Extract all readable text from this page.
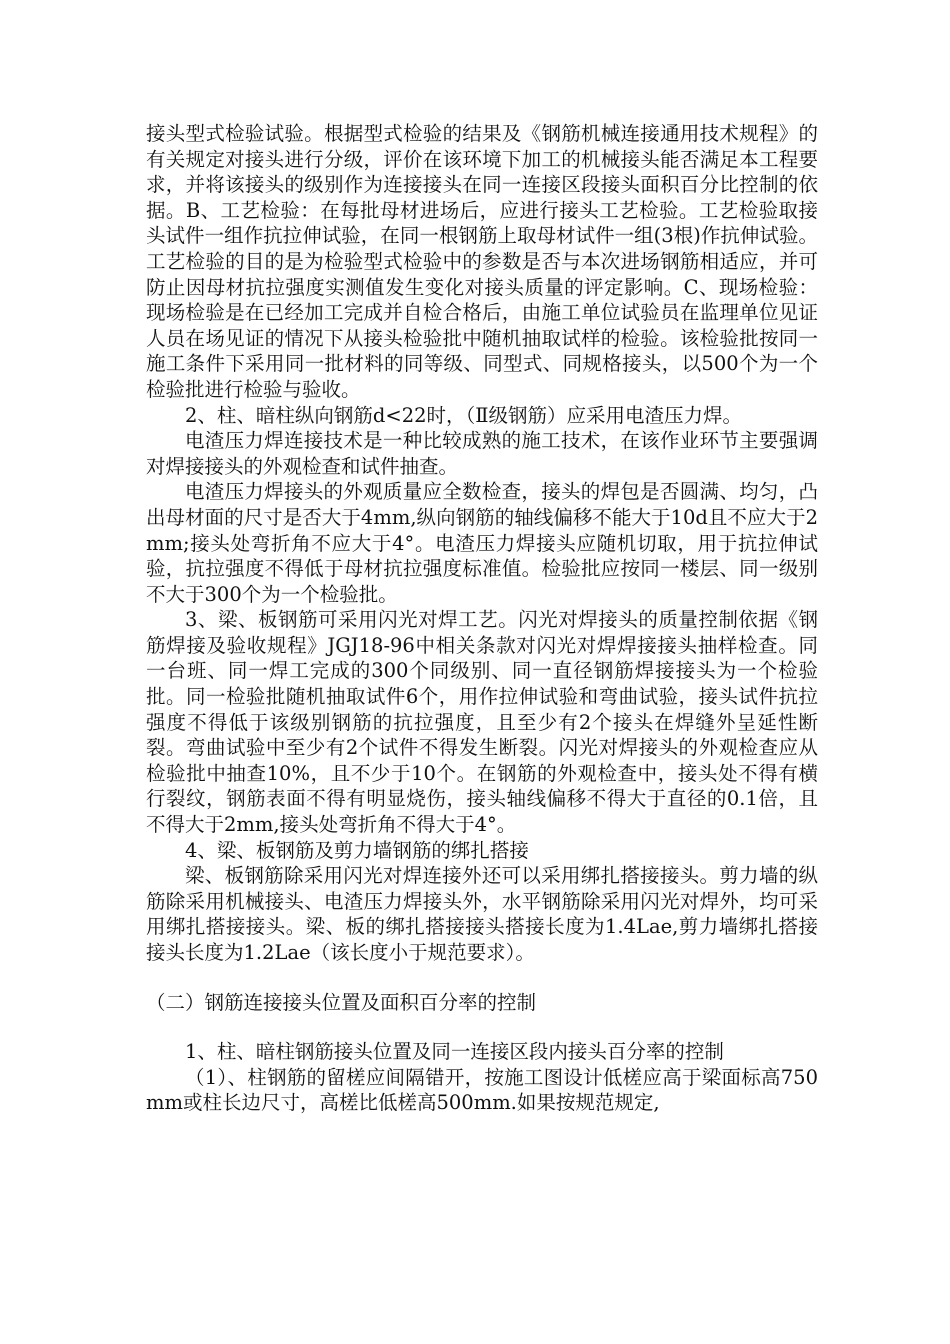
接头型式检验试验。根据型式检验的结果及《钢筋机械连接通用技术规程》的有关规定对接头进行分级，评价在该环境下加工的机械接头能否满足本工程要求，并将该接头的级别作为连接接头在同一连接区段接头面积百分比控制的依据。B、工艺检验：在每批母材进场后，应进行接头工艺检验。工艺检验取接头试件一组作抗拉伸试验，在同一根钢筋上取母材试件一组(3根)作抗伸试验。工艺检验的目的是为检验型式检验中的参数是否与本次进场钢筋相适应，并可防止因母材抗拉强度实测值发生变化对接头质量的评定影响。C、现场检验：现场检验是在已经加工完成并自检合格后，由施工单位试验员在监理单位见证人员在场见证的情况下从接头检验批中随机抽取试样的检验。该检验批按同一施工条件下采用同一批材料的同等级、同型式、同规格接头，以500个为一个检验批进行检验与验收。

2、柱、暗柱纵向钢筋d<22时，（Ⅱ级钢筋）应采用电渣压力焊。

电渣压力焊连接技术是一种比较成熟的施工技术，在该作业环节主要强调对焊接接头的外观检查和试件抽查。

电渣压力焊接头的外观质量应全数检查，接头的焊包是否圆满、均匀，凸出母材面的尺寸是否大于4mm,纵向钢筋的轴线偏移不能大于10d且不应大于2mm;接头处弯折角不应大于4°。电渣压力焊接头应随机切取，用于抗拉伸试验，抗拉强度不得低于母材抗拉强度标准值。检验批应按同一楼层、同一级别不大于300个为一个检验批。

3、梁、板钢筋可采用闪光对焊工艺。闪光对焊接头的质量控制依据《钢筋焊接及验收规程》JGJ18-96中相关条款对闪光对焊焊接接头抽样检查。同一台班、同一焊工完成的300个同级别、同一直径钢筋焊接接头为一个检验批。同一检验批随机抽取试件6个，用作拉伸试验和弯曲试验，接头试件抗拉强度不得低于该级别钢筋的抗拉强度，且至少有2个接头在焊缝外呈延性断裂。弯曲试验中至少有2个试件不得发生断裂。闪光对焊接头的外观检查应从检验批中抽查10%，且不少于10个。在钢筋的外观检查中，接头处不得有横行裂纹，钢筋表面不得有明显烧伤，接头轴线偏移不得大于直径的0.1倍，且不得大于2mm,接头处弯折角不得大于4°。

4、梁、板钢筋及剪力墙钢筋的绑扎搭接

梁、板钢筋除采用闪光对焊连接外还可以采用绑扎搭接接头。剪力墙的纵筋除采用机械接头、电渣压力焊接头外，水平钢筋除采用闪光对焊外，均可采用绑扎搭接接头。梁、板的绑扎搭接接头搭接长度为1.4Lae,剪力墙绑扎搭接接头长度为1.2Lae（该长度小于规范要求）。

（二）钢筋连接接头位置及面积百分率的控制

1、柱、暗柱钢筋接头位置及同一连接区段内接头百分率的控制

（1）、柱钢筋的留槎应间隔错开，按施工图设计低槎应高于梁面标高750mm或柱长边尺寸，高槎比低槎高500mm.如果按规范规定,
